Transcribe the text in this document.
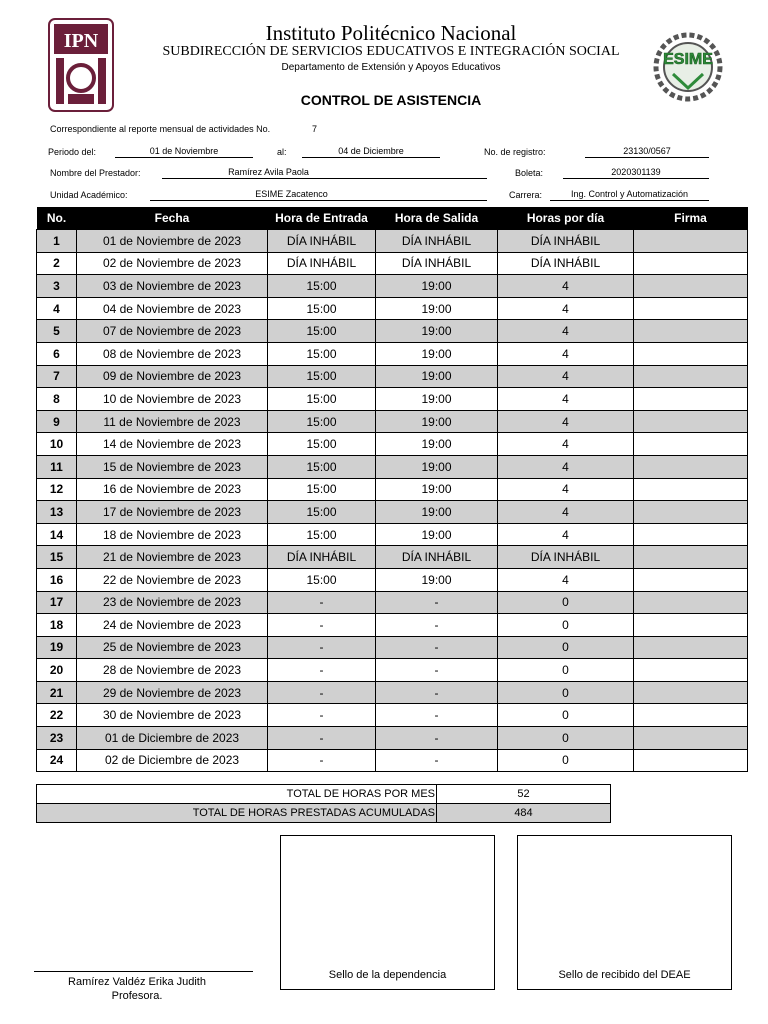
IPN
ESIME
Instituto Politécnico Nacional
SUBDIRECCIÓN DE SERVICIOS EDUCATIVOS E INTEGRACIÓN SOCIAL
Departamento de Extensión y Apoyos Educativos
CONTROL DE ASISTENCIA
Correspondiente al reporte mensual de actividades No.	7
Periodo del:	01 de Noviembre	al:	04 de Diciembre	No. de registro:	23130/0567
Nombre del Prestador:	Ramírez Avila Paola	Boleta:	2020301139
Unidad Académico:	ESIME Zacatenco	Carrera:	Ing. Control y Automatización
No.	Fecha	Hora de Entrada	Hora de Salida	Horas por día	Firma
1	01 de Noviembre de 2023	DÍA INHÁBIL	DÍA INHÁBIL	DÍA INHÁBIL	
2	02 de Noviembre de 2023	DÍA INHÁBIL	DÍA INHÁBIL	DÍA INHÁBIL	
3	03 de Noviembre de 2023	15:00	19:00	4	
4	04 de Noviembre de 2023	15:00	19:00	4	
5	07 de Noviembre de 2023	15:00	19:00	4	
6	08 de Noviembre de 2023	15:00	19:00	4	
7	09 de Noviembre de 2023	15:00	19:00	4	
8	10 de Noviembre de 2023	15:00	19:00	4	
9	11 de Noviembre de 2023	15:00	19:00	4	
10	14 de Noviembre de 2023	15:00	19:00	4	
11	15 de Noviembre de 2023	15:00	19:00	4	
12	16 de Noviembre de 2023	15:00	19:00	4	
13	17 de Noviembre de 2023	15:00	19:00	4	
14	18 de Noviembre de 2023	15:00	19:00	4	
15	21 de Noviembre de 2023	DÍA INHÁBIL	DÍA INHÁBIL	DÍA INHÁBIL	
16	22 de Noviembre de 2023	15:00	19:00	4	
17	23 de Noviembre de 2023	-	-	0	
18	24 de Noviembre de 2023	-	-	0	
19	25 de Noviembre de 2023	-	-	0	
20	28 de Noviembre de 2023	-	-	0	
21	29 de Noviembre de 2023	-	-	0	
22	30 de Noviembre de 2023	-	-	0	
23	01 de Diciembre de 2023	-	-	0	
24	02 de Diciembre de 2023	-	-	0	
TOTAL DE HORAS POR MES	52
TOTAL DE HORAS PRESTADAS ACUMULADAS	484
Sello de la dependencia	Sello de recibido del DEAE
Ramírez Valdéz Erika Judith
Profesora.
